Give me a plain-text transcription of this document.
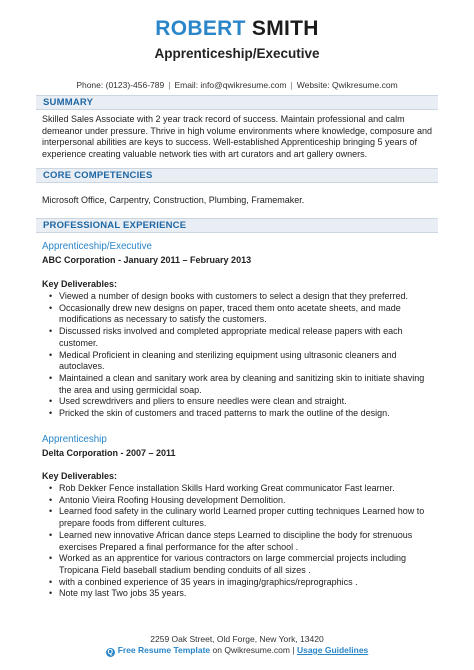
ROBERT SMITH
Apprenticeship/Executive
Phone: (0123)-456-789 | Email: info@qwikresume.com | Website: Qwikresume.com
SUMMARY
Skilled Sales Associate with 2 year track record of success. Maintain professional and calm demeanor under pressure. Thrive in high volume environments where knowledge, composure and interpersonal abilities are keys to success. Well-established Apprenticeship bringing 5 years of experience creating valuable network ties with art curators and art gallery owners.
CORE COMPETENCIES
Microsoft Office, Carpentry, Construction, Plumbing, Framemaker.
PROFESSIONAL EXPERIENCE
Apprenticeship/Executive
ABC Corporation - January 2011 – February 2013
Key Deliverables:
• Viewed a number of design books with customers to select a design that they preferred.
• Occasionally drew new designs on paper, traced them onto acetate sheets, and made modifications as necessary to satisfy the customers.
• Discussed risks involved and completed appropriate medical release papers with each customer.
• Medical Proficient in cleaning and sterilizing equipment using ultrasonic cleaners and autoclaves.
• Maintained a clean and sanitary work area by cleaning and sanitizing skin to initiate shaving the area and using germicidal soap.
• Used screwdrivers and pliers to ensure needles were clean and straight.
• Pricked the skin of customers and traced patterns to mark the outline of the design.
Apprenticeship
Delta Corporation - 2007 – 2011
Key Deliverables:
• Rob Dekker Fence installation Skills Hard working Great communicator Fast learner.
• Antonio Vieira Roofing Housing development Demolition.
• Learned food safety in the culinary world Learned proper cutting techniques Learned how to prepare foods from different cultures.
• Learned new innovative African dance steps Learned to discipline the body for strenuous exercises Prepared a final performance for the after school .
• Worked as an apprentice for various contractors on large commercial projects including Tropicana Field baseball stadium bending conduits of all sizes .
• with a conbined experience of 35 years in imaging/graphics/reprographics .
• Note my last Two jobs 35 years.
2259 Oak Street, Old Forge, New York, 13420
Q Free Resume Template on Qwikresume.com | Usage Guidelines
